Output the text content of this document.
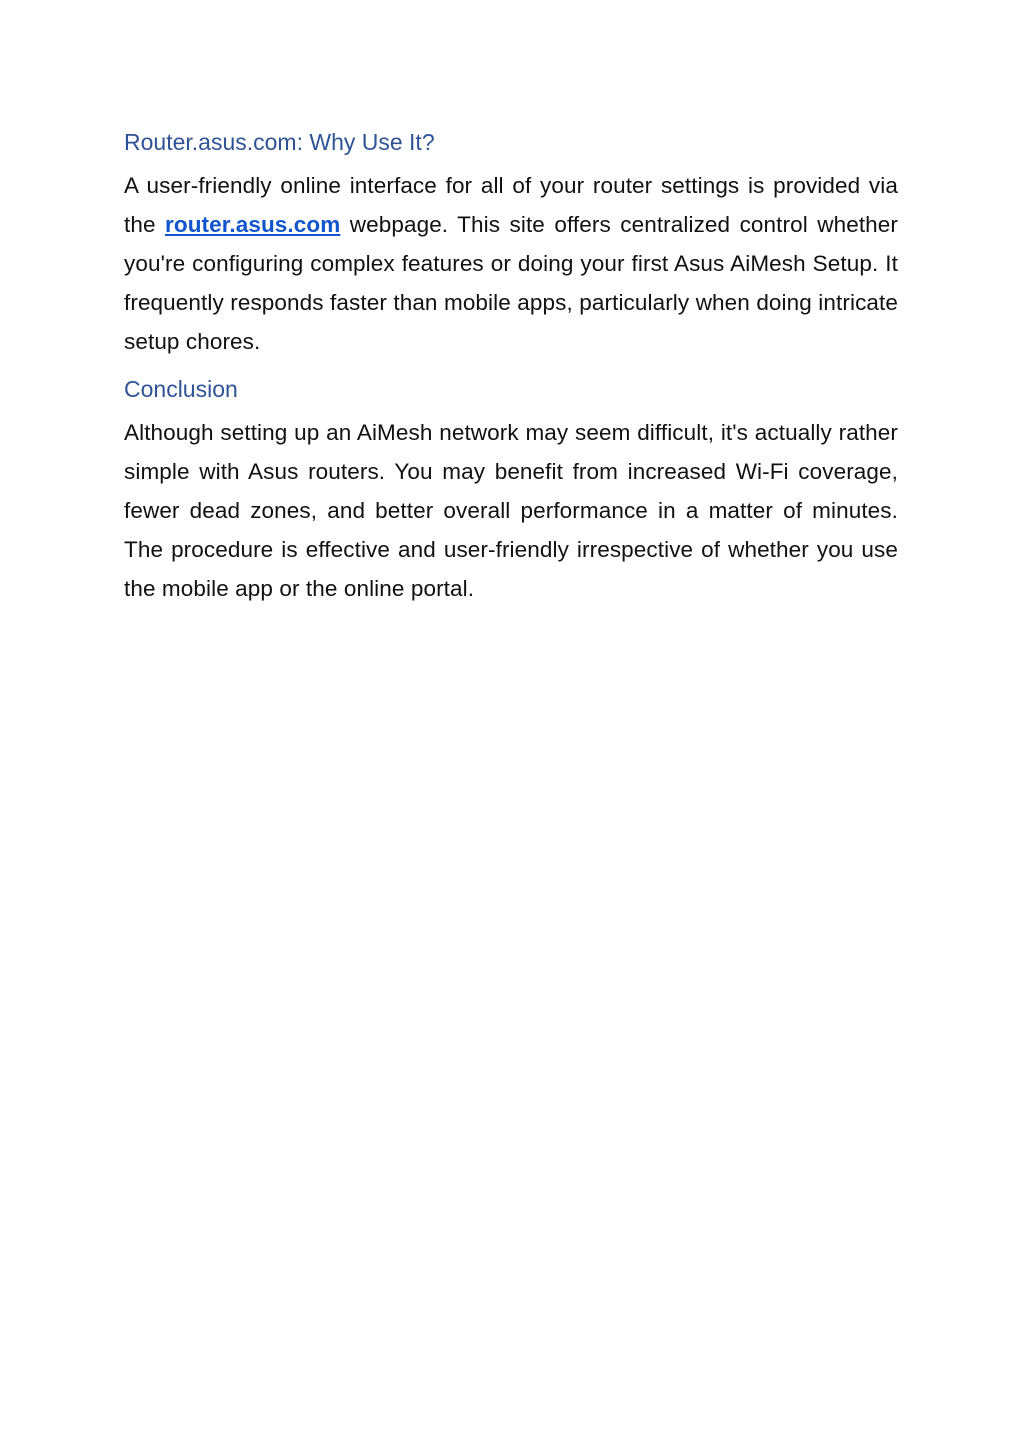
Router.asus.com: Why Use It?

A user-friendly online interface for all of your router settings is provided via the router.asus.com webpage. This site offers centralized control whether you're configuring complex features or doing your first Asus AiMesh Setup. It frequently responds faster than mobile apps, particularly when doing intricate setup chores.

Conclusion

Although setting up an AiMesh network may seem difficult, it's actually rather simple with Asus routers. You may benefit from increased Wi-Fi coverage, fewer dead zones, and better overall performance in a matter of minutes. The procedure is effective and user-friendly irrespective of whether you use the mobile app or the online portal.
